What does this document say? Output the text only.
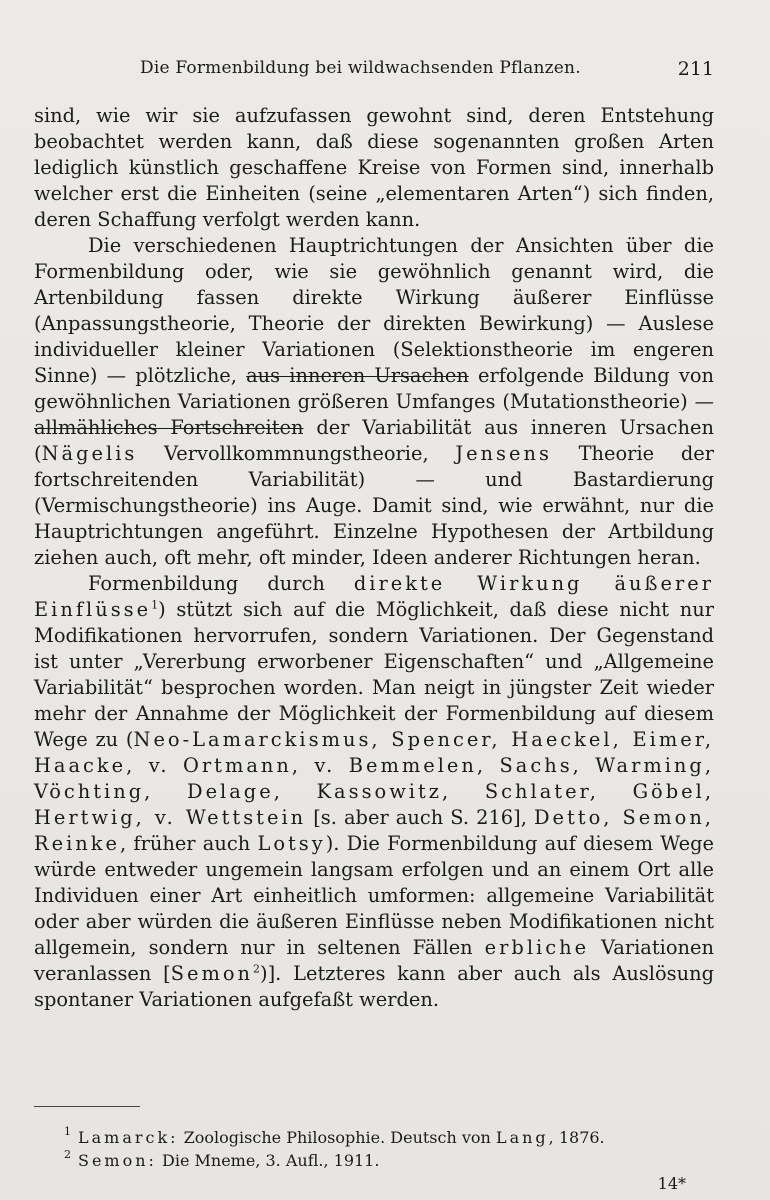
Die Formenbildung bei wildwachsenden Pflanzen.	211

sind, wie wir sie aufzufassen gewohnt sind, deren Entstehung beobachtet werden kann, daß diese sogenannten großen Arten lediglich künstlich geschaffene Kreise von Formen sind, innerhalb welcher erst die Einheiten (seine „elementaren Arten“) sich finden, deren Schaffung verfolgt werden kann.

Die verschiedenen Hauptrichtungen der Ansichten über die Formenbildung oder, wie sie gewöhnlich genannt wird, die Artenbildung fassen direkte Wirkung äußerer Einflüsse (Anpassungstheorie, Theorie der direkten Bewirkung) — Auslese individueller kleiner Variationen (Selektionstheorie im engeren Sinne) — plötzliche, aus inneren Ursachen erfolgende Bildung von gewöhnlichen Variationen größeren Umfanges (Mutationstheorie) — allmähliches Fortschreiten der Variabilität aus inneren Ursachen (Nägelis Vervollkommnungstheorie, Jensens Theorie der fortschreitenden Variabilität) — und Bastardierung (Vermischungstheorie) ins Auge. Damit sind, wie erwähnt, nur die Hauptrichtungen angeführt. Einzelne Hypothesen der Artbildung ziehen auch, oft mehr, oft minder, Ideen anderer Richtungen heran.

Formenbildung durch direkte Wirkung äußerer Einflüsse$^1$) stützt sich auf die Möglichkeit, daß diese nicht nur Modifikationen hervorrufen, sondern Variationen. Der Gegenstand ist unter „Vererbung erworbener Eigenschaften“ und „Allgemeine Variabilität“ besprochen worden. Man neigt in jüngster Zeit wieder mehr der Annahme der Möglichkeit der Formenbildung auf diesem Wege zu (Neo-Lamarckismus, Spencer, Haeckel, Eimer, Haacke, v. Ortmann, v. Bemmelen, Sachs, Warming, Vöchting, Delage, Kassowitz, Schlater, Göbel, Hertwig, v. Wettstein [s. aber auch S. 216], Detto, Semon, Reinke, früher auch Lotsy). Die Formenbildung auf diesem Wege würde entweder ungemein langsam erfolgen und an einem Ort alle Individuen einer Art einheitlich umformen: allgemeine Variabilität oder aber würden die äußeren Einflüsse neben Modifikationen nicht allgemein, sondern nur in seltenen Fällen erbliche Variationen veranlassen [Semon$^2$)]. Letzteres kann aber auch als Auslösung spontaner Variationen aufgefaßt werden.

1 Lamarck: Zoologische Philosophie. Deutsch von Lang, 1876.
2 Semon: Die Mneme, 3. Aufl., 1911.
14*
